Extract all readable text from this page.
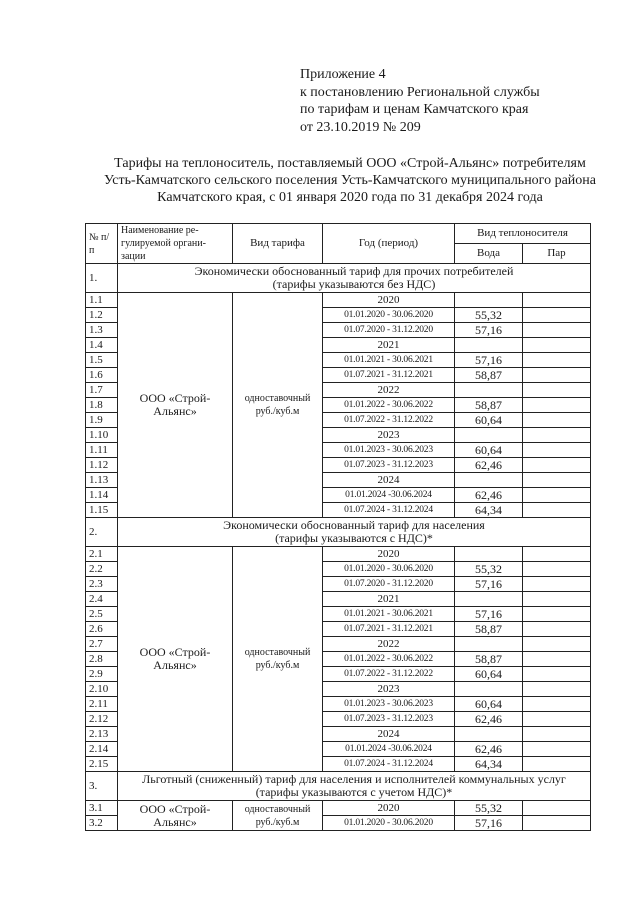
Приложение 4
к постановлению Региональной службы
по тарифам и ценам Камчатского края
от 23.10.2019 № 209
Тарифы на теплоноситель, поставляемый ООО «Строй-Альянс» потребителям
Усть-Камчатского сельского поселения Усть-Камчатского муниципального района
Камчатского края, с 01 января 2020 года по 31 декабря 2024 года
№ п/п	Наименование ре-гулируемой органи-зации	Вид тарифа	Год (период)	Вид теплоносителя	
				Вода	Пар
1.	Экономически обоснованный тариф для прочих потребителей
(тарифы указываются без НДС)				

1.1	ООО «Строй-Альянс»	одноставочный руб./куб.м	2020		
1.2			01.01.2020 - 30.06.2020	55,32	
1.3			01.07.2020 - 31.12.2020	57,16	
1.4			2021		
1.5			01.01.2021 - 30.06.2021	57,16	
1.6			01.07.2021 - 31.12.2021	58,87	
1.7			2022		
1.8			01.01.2022 - 30.06.2022	58,87	
1.9			01.07.2022 - 31.12.2022	60,64	
1.10			2023		
1.11			01.01.2023 - 30.06.2023	60,64	
1.12			01.07.2023 - 31.12.2023	62,46	
1.13			2024		
1.14			01.01.2024 -30.06.2024	62,46	
1.15			01.07.2024 - 31.12.2024	64,34	
2.	Экономически обоснованный тариф для населения
(тарифы указываются с НДС)*				

2.1	ООО «Строй-Альянс»	одноставочный руб./куб.м	2020		
2.2			01.01.2020 - 30.06.2020	55,32	
2.3			01.07.2020 - 31.12.2020	57,16	
2.4			2021		
2.5			01.01.2021 - 30.06.2021	57,16	
2.6			01.07.2021 - 31.12.2021	58,87	
2.7			2022		
2.8			01.01.2022 - 30.06.2022	58,87	
2.9			01.07.2022 - 31.12.2022	60,64	
2.10			2023		
2.11			01.01.2023 - 30.06.2023	60,64	
2.12			01.07.2023 - 31.12.2023	62,46	
2.13			2024		
2.14			01.01.2024 -30.06.2024	62,46	
2.15			01.07.2024 - 31.12.2024	64,34	
3.	Льготный (сниженный) тариф для населения и исполнителей коммунальных услуг
(тарифы указываются с учетом НДС)*				

3.1	ООО «Строй-Альянс»	одноставочный руб./куб.м	2020	55,32	
3.2			01.01.2020 - 30.06.2020	57,16	
